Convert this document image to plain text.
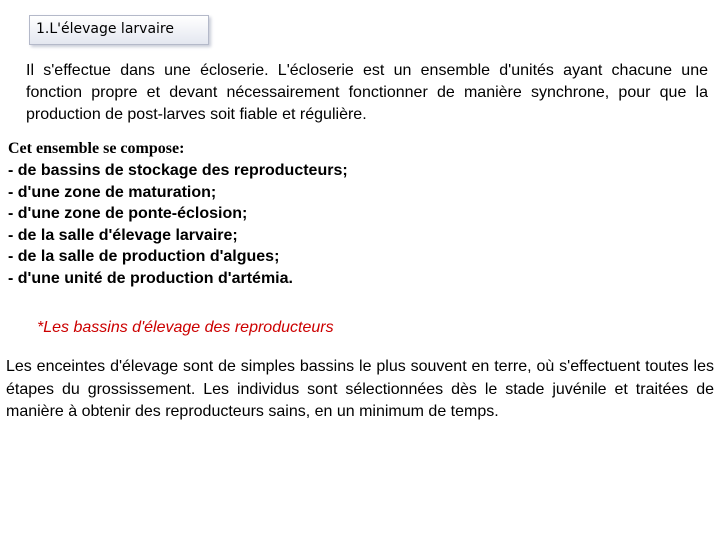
1.L'élevage larvaire

Il s'effectue dans une écloserie. L'écloserie est un ensemble d'unités ayant chacune une fonction propre et devant nécessairement fonctionner de manière synchrone, pour que la production de post-larves soit fiable et régulière.

Cet ensemble se compose:
- de bassins de stockage des reproducteurs;
- d'une zone de maturation;
- d'une zone de ponte-éclosion;
- de la salle d'élevage larvaire;
- de la salle de production d'algues;
- d'une unité de production d'artémia.
*Les bassins d'élevage des reproducteurs

Les enceintes d'élevage sont de simples bassins le plus souvent en terre, où s'effectuent toutes les étapes du grossissement. Les individus sont sélectionnées dès le stade juvénile et traitées de manière à obtenir des reproducteurs sains, en un minimum de temps.
